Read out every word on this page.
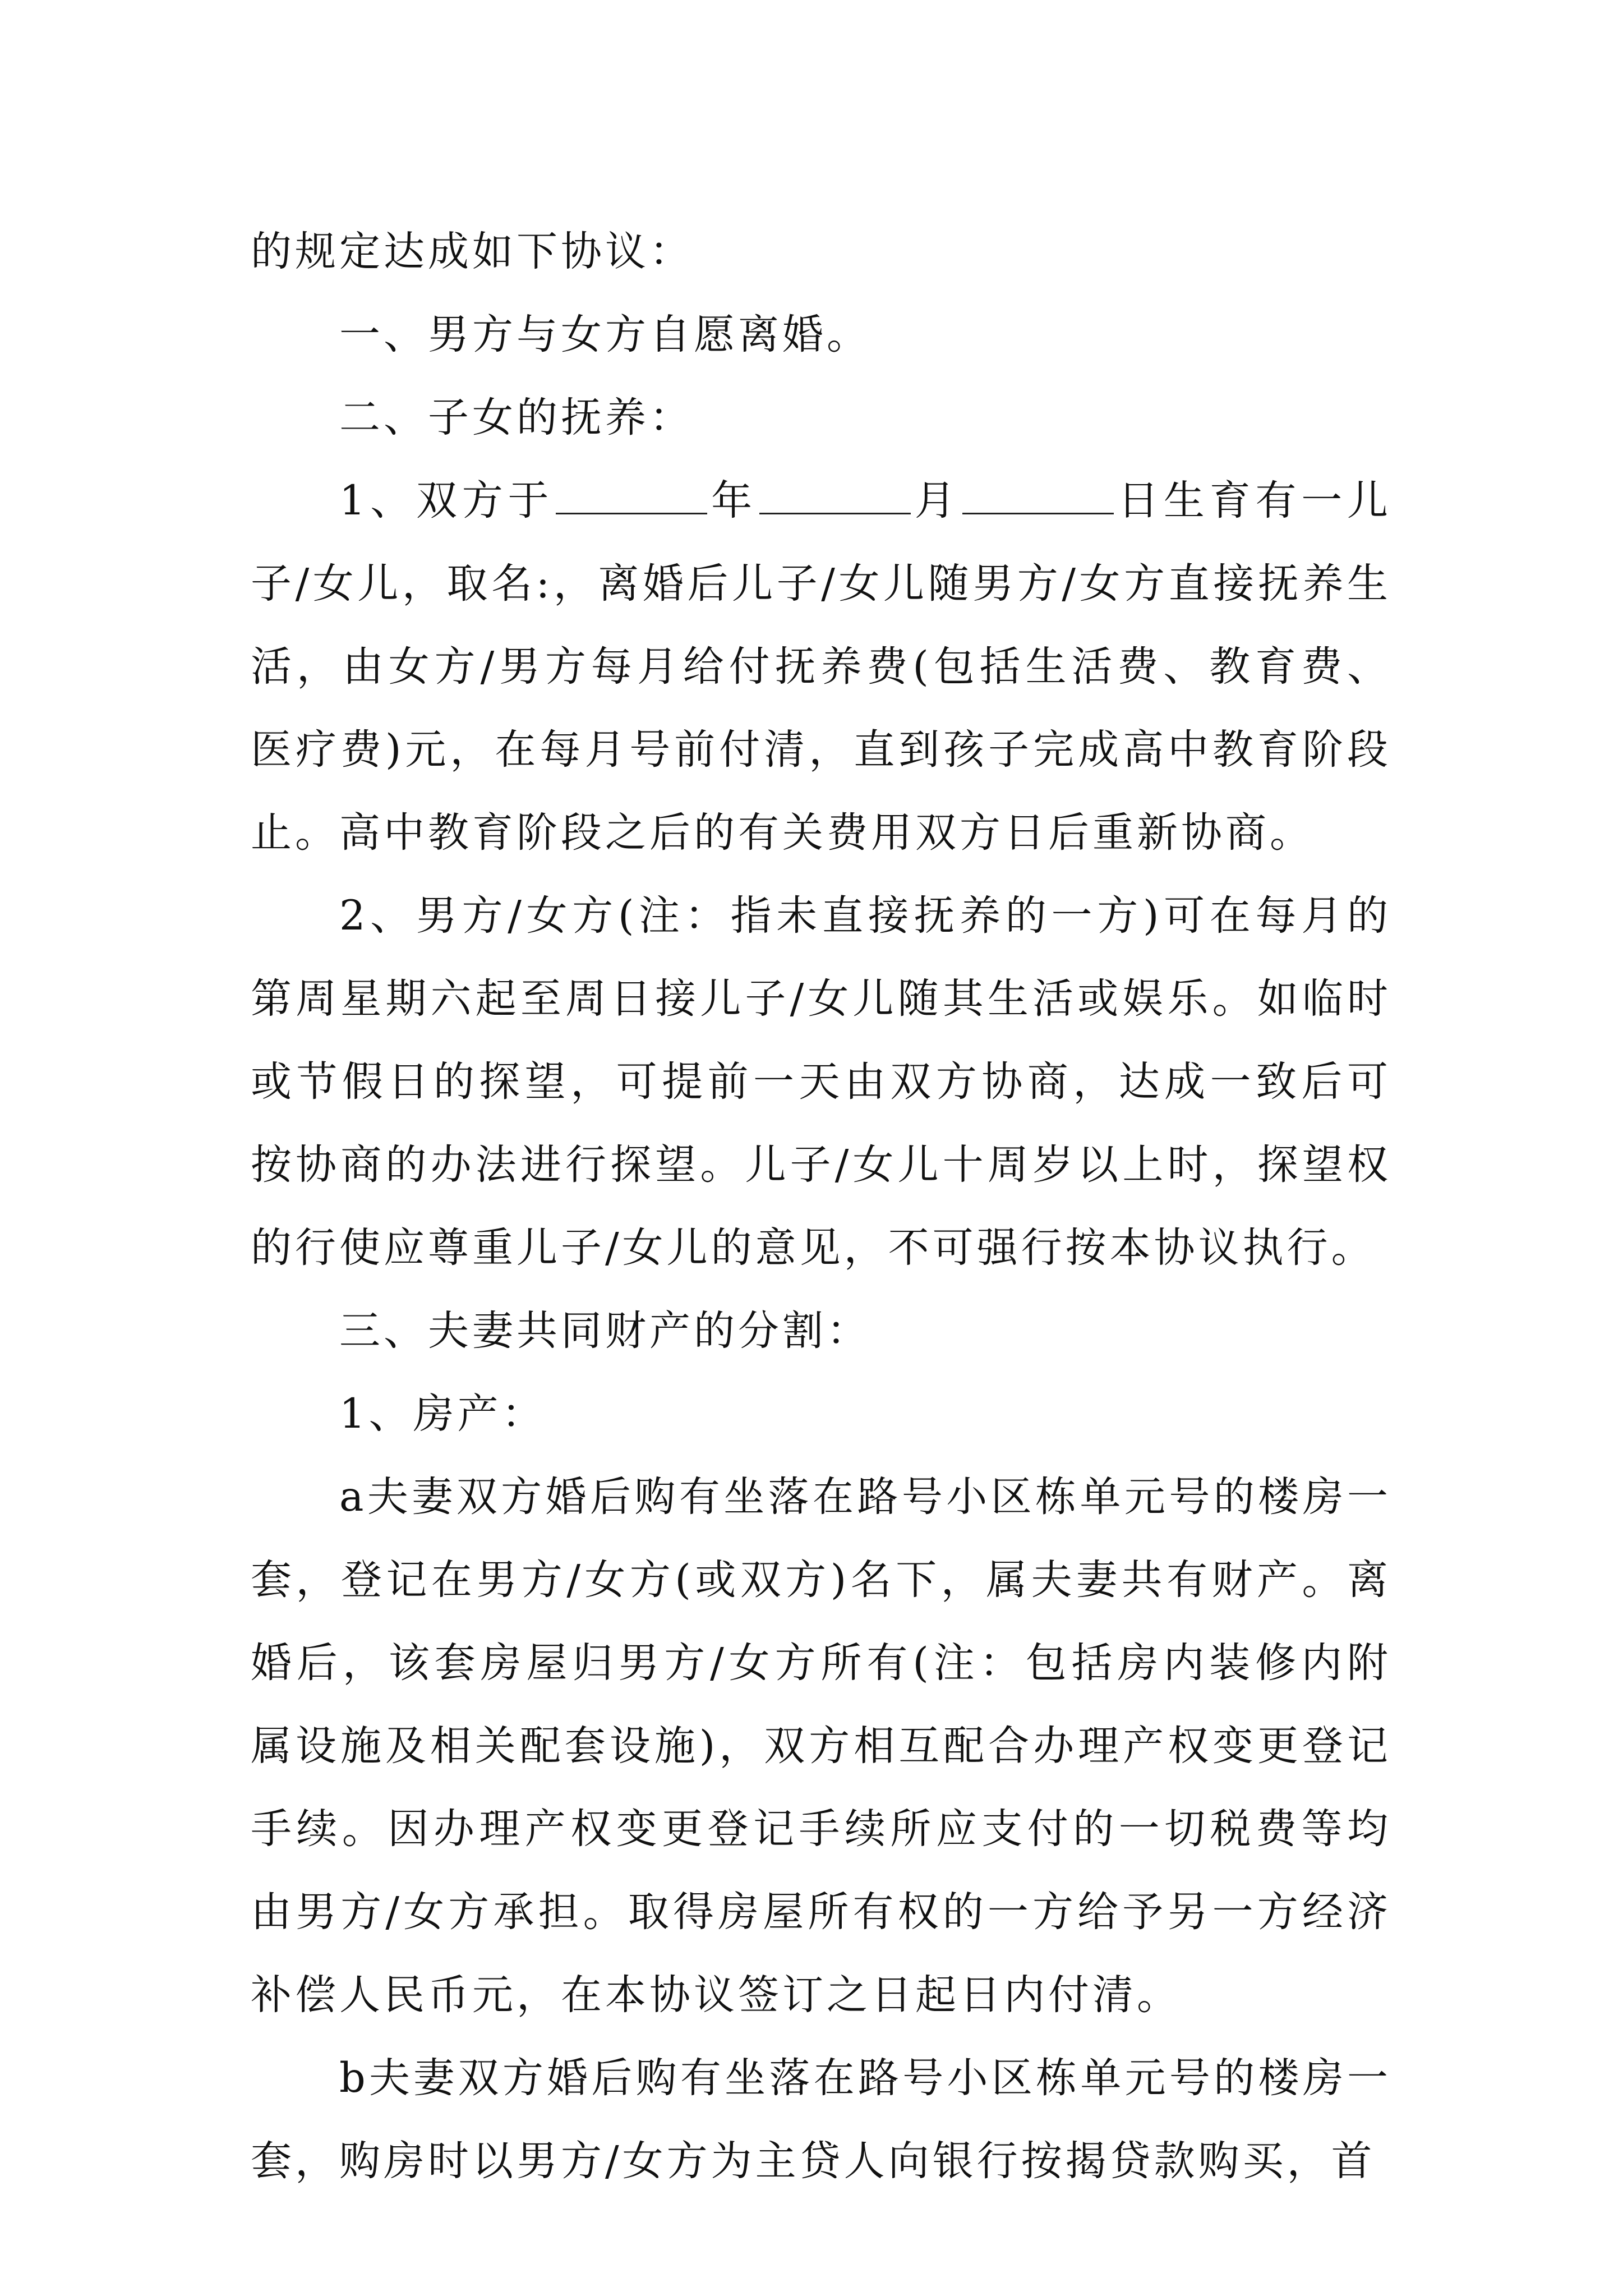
的规定达成如下协议：

一、男方与女方自愿离婚。

二、子女的抚养：

1、双方于	年	月	日生育有一儿子/女儿，取名:，离婚后儿子/女儿随男方/女方直接抚养生活，由女方/男方每月给付抚养费(包括生活费、教育费、医疗费)元，在每月号前付清，直到孩子完成高中教育阶段止。高中教育阶段之后的有关费用双方日后重新协商。

2、男方/女方(注：指未直接抚养的一方)可在每月的第周星期六起至周日接儿子/女儿随其生活或娱乐。如临时或节假日的探望，可提前一天由双方协商，达成一致后可按协商的办法进行探望。儿子/女儿十周岁以上时，探望权的行使应尊重儿子/女儿的意见，不可强行按本协议执行。

三、夫妻共同财产的分割：

1、房产：

a夫妻双方婚后购有坐落在路号小区栋单元号的楼房一套，登记在男方/女方(或双方)名下，属夫妻共有财产。离婚后，该套房屋归男方/女方所有(注：包括房内装修内附属设施及相关配套设施)，双方相互配合办理产权变更登记手续。因办理产权变更登记手续所应支付的一切税费等均由男方/女方承担。取得房屋所有权的一方给予另一方经济补偿人民币元，在本协议签订之日起日内付清。

b夫妻双方婚后购有坐落在路号小区栋单元号的楼房一套，购房时以男方/女方为主贷人向银行按揭贷款购买，首
